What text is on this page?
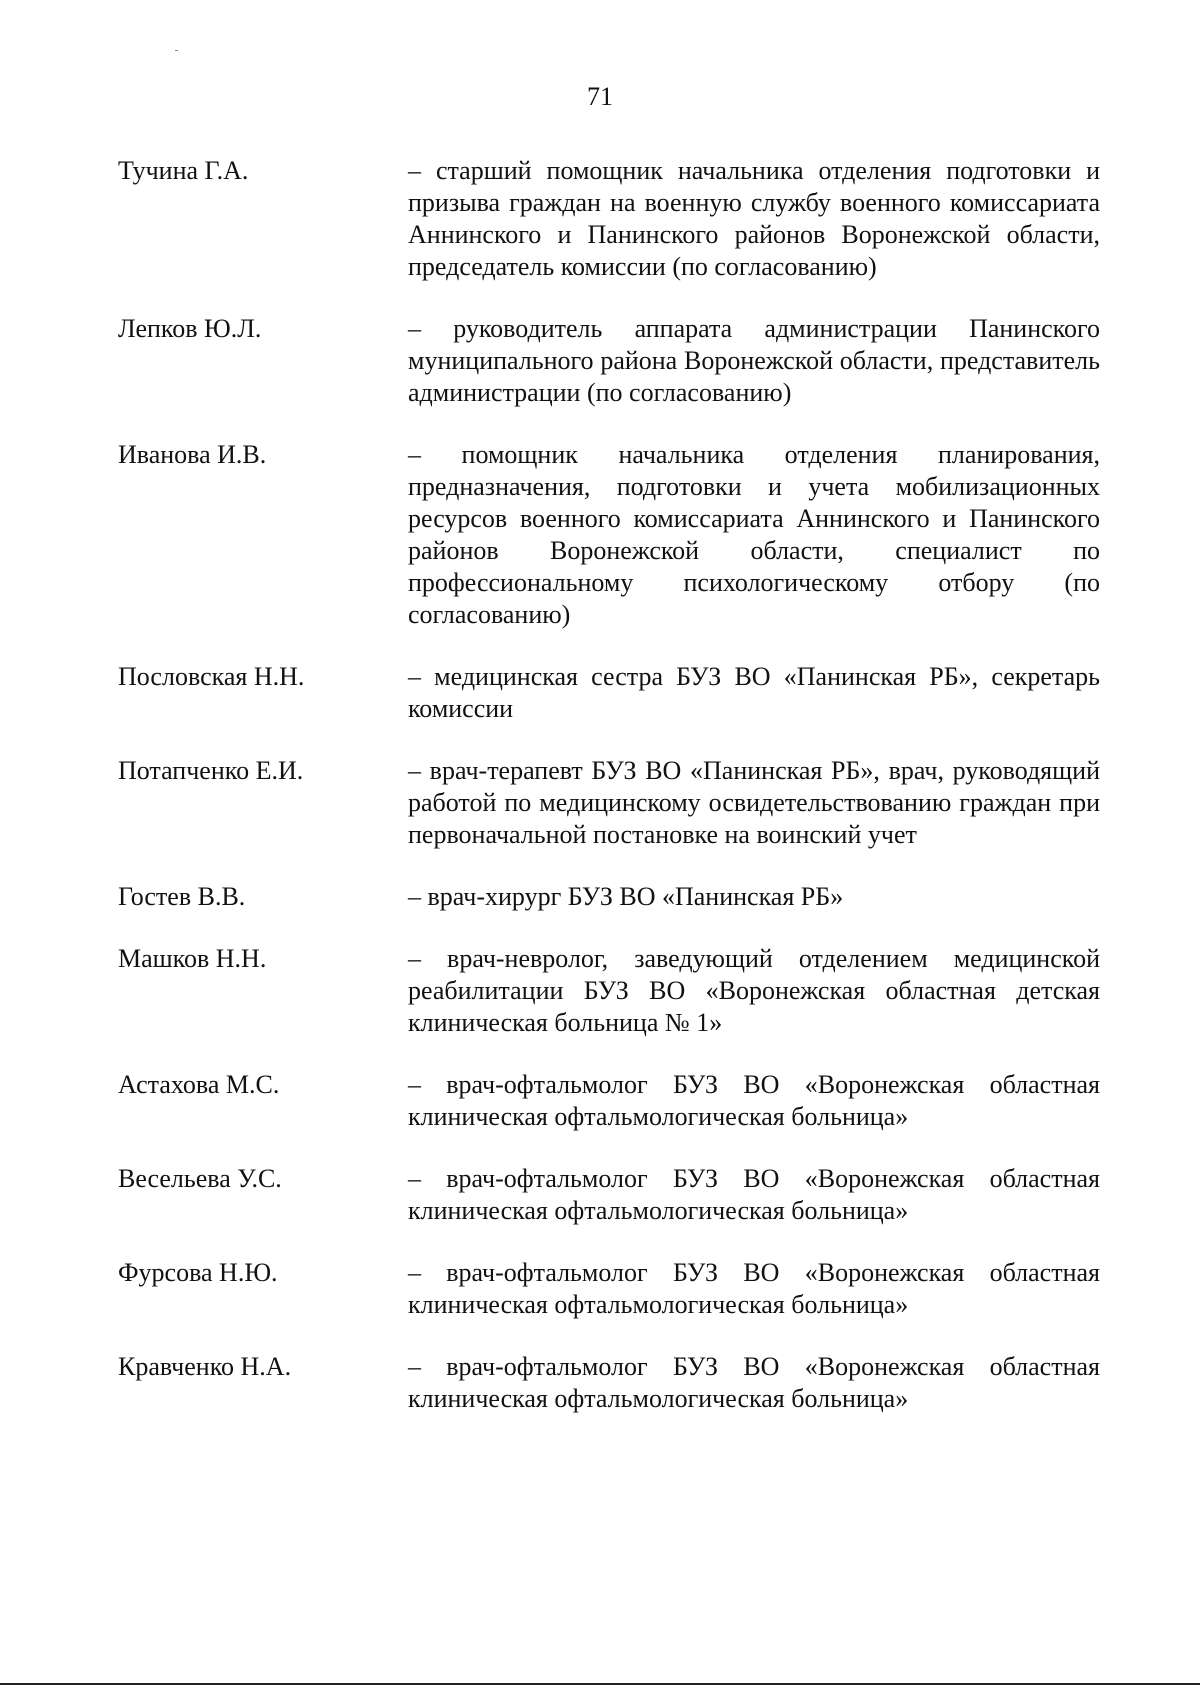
71
Тучина Г.А.	– старший помощник начальника отделения подготовки и призыва граждан на военную службу военного комиссариата Аннинского и Панинского районов Воронежской области, председатель комиссии (по согласованию)
Лепков Ю.Л.	– руководитель аппарата администрации Панинского муниципального района Воронежской области, представитель администрации (по согласованию)
Иванова И.В.	– помощник начальника отделения планирования, предназначения, подготовки и учета мобилизационных ресурсов военного комиссариата Аннинского и Панинского районов Воронежской области, специалист по профессиональному психологическому отбору (по согласованию)
Пословская Н.Н.	– медицинская сестра БУЗ ВО «Панинская РБ», секретарь комиссии
Потапченко Е.И.	– врач-терапевт БУЗ ВО «Панинская РБ», врач, руководящий работой по медицинскому освидетельствованию граждан при первоначальной постановке на воинский учет
Гостев В.В.	– врач-хирург БУЗ ВО «Панинская РБ»
Машков Н.Н.	– врач-невролог, заведующий отделением медицинской реабилитации БУЗ ВО «Воронежская областная детская клиническая больница № 1»
Астахова М.С.	– врач-офтальмолог БУЗ ВО «Воронежская областная клиническая офтальмологическая больница»
Весельева У.С.	– врач-офтальмолог БУЗ ВО «Воронежская областная клиническая офтальмологическая больница»
Фурсова Н.Ю.	– врач-офтальмолог БУЗ ВО «Воронежская областная клиническая офтальмологическая больница»
Кравченко Н.А.	– врач-офтальмолог БУЗ ВО «Воронежская областная клиническая офтальмологическая больница»
